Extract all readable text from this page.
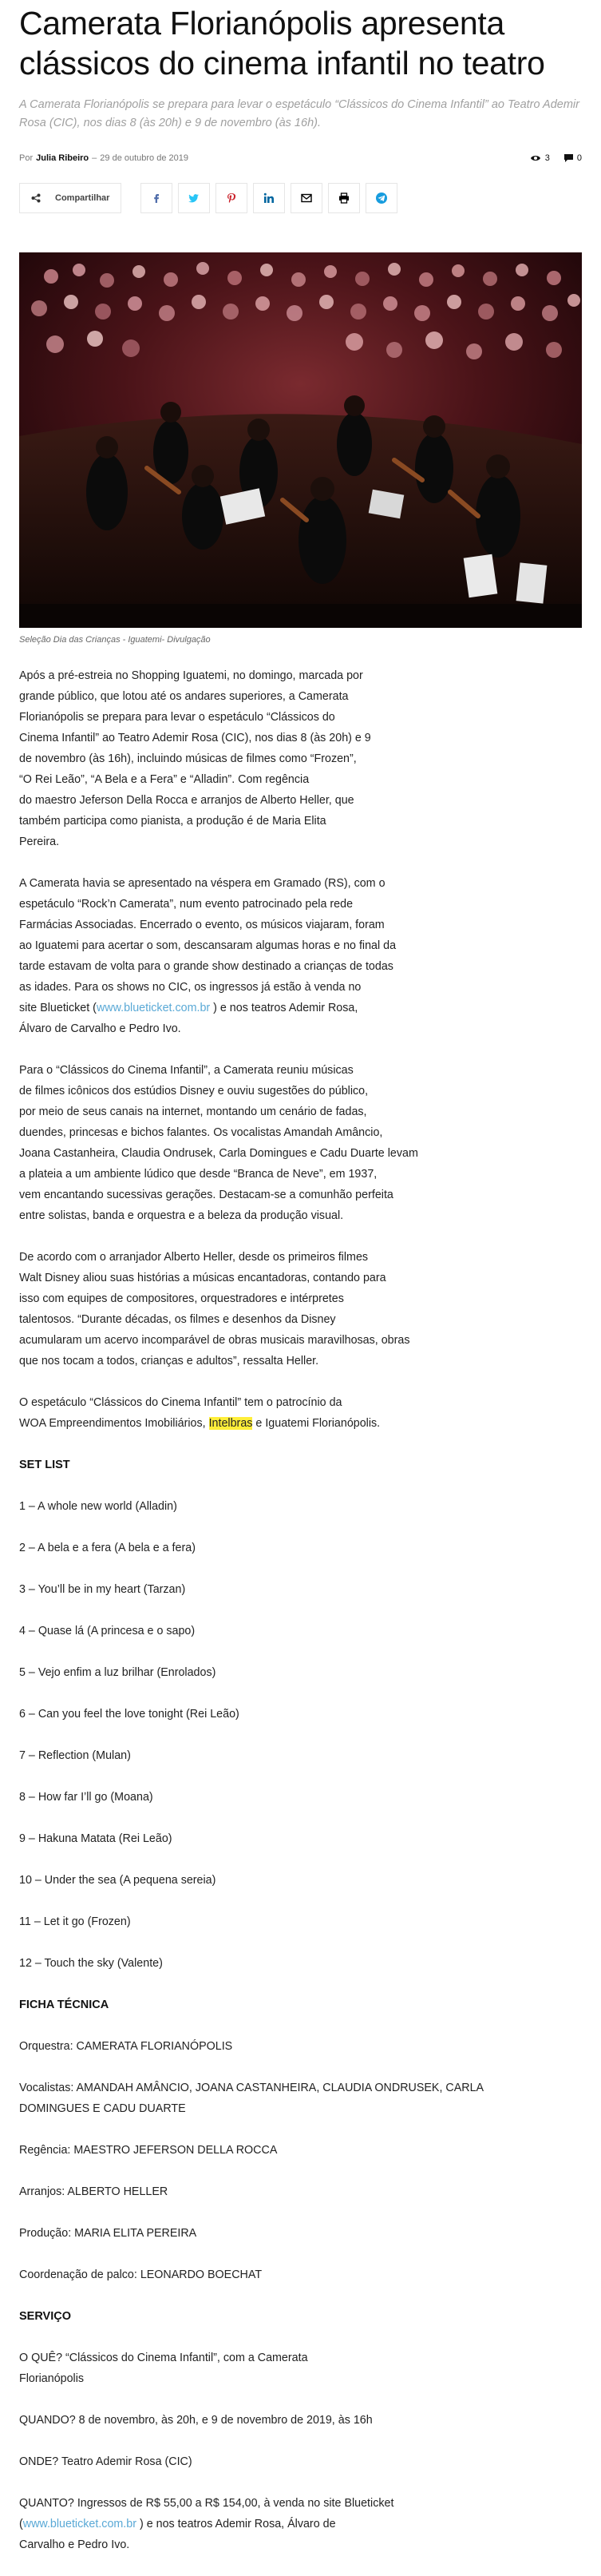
Camerata Florianópolis apresenta clássicos do cinema infantil no teatro

A Camerata Florianópolis se prepara para levar o espetáculo “Clássicos do Cinema Infantil” ao Teatro Ademir Rosa (CIC), nos dias 8 (às 20h) e 9 de novembro (às 16h).

Por Julia Ribeiro – 29 de outubro de 2019	3	0
Compartilhar

Seleção Dia das Crianças - Iguatemi- Divulgação

Após a pré-estreia no Shopping Iguatemi, no domingo, marcada por
grande público, que lotou até os andares superiores, a Camerata
Florianópolis se prepara para levar o espetáculo “Clássicos do
Cinema Infantil” ao Teatro Ademir Rosa (CIC), nos dias 8 (às 20h) e 9
de novembro (às 16h), incluindo músicas de filmes como “Frozen”,
“O Rei Leão”, “A Bela e a Fera” e “Alladin”. Com regência
do maestro Jeferson Della Rocca e arranjos de Alberto Heller, que
também participa como pianista, a produção é de Maria Elita
Pereira.

A Camerata havia se apresentado na véspera em Gramado (RS), com o
espetáculo “Rock’n Camerata”, num evento patrocinado pela rede
Farmácias Associadas. Encerrado o evento, os músicos viajaram, foram
ao Iguatemi para acertar o som, descansaram algumas horas e no final da
tarde estavam de volta para o grande show destinado a crianças de todas
as idades. Para os shows no CIC, os ingressos já estão à venda no
site Blueticket (www.blueticket.com.br ) e nos teatros Ademir Rosa,
Álvaro de Carvalho e Pedro Ivo.

Para o “Clássicos do Cinema Infantil”, a Camerata reuniu músicas
de filmes icônicos dos estúdios Disney e ouviu sugestões do público,
por meio de seus canais na internet, montando um cenário de fadas,
duendes, princesas e bichos falantes. Os vocalistas Amandah Amâncio,
Joana Castanheira, Claudia Ondrusek, Carla Domingues e Cadu Duarte levam
a plateia a um ambiente lúdico que desde “Branca de Neve”, em 1937,
vem encantando sucessivas gerações. Destacam-se a comunhão perfeita
entre solistas, banda e orquestra e a beleza da produção visual.

De acordo com o arranjador Alberto Heller, desde os primeiros filmes
Walt Disney aliou suas histórias a músicas encantadoras, contando para
isso com equipes de compositores, orquestradores e intérpretes
talentosos. “Durante décadas, os filmes e desenhos da Disney
acumularam um acervo incomparável de obras musicais maravilhosas, obras
que nos tocam a todos, crianças e adultos”, ressalta Heller.

O espetáculo “Clássicos do Cinema Infantil” tem o patrocínio da
WOA Empreendimentos Imobiliários, Intelbras e Iguatemi Florianópolis.

SET LIST
1 – A whole new world (Alladin)
2 – A bela e a fera (A bela e a fera)
3 – You’ll be in my heart (Tarzan)
4 – Quase lá (A princesa e o sapo)
5 – Vejo enfim a luz brilhar (Enrolados)
6 – Can you feel the love tonight (Rei Leão)
7 – Reflection (Mulan)
8 – How far I’ll go (Moana)
9 – Hakuna Matata (Rei Leão)
10 – Under the sea (A pequena sereia)
11 – Let it go (Frozen)
12 – Touch the sky (Valente)
FICHA TÉCNICA
Orquestra: CAMERATA FLORIANÓPOLIS
Vocalistas: AMANDAH AMÂNCIO, JOANA CASTANHEIRA, CLAUDIA ONDRUSEK, CARLA
DOMINGUES E CADU DUARTE
Regência: MAESTRO JEFERSON DELLA ROCCA
Arranjos: ALBERTO HELLER
Produção: MARIA ELITA PEREIRA
Coordenação de palco: LEONARDO BOECHAT
SERVIÇO
O QUÊ? “Clássicos do Cinema Infantil”, com a Camerata
Florianópolis
QUANDO? 8 de novembro, às 20h, e 9 de novembro de 2019, às 16h
ONDE? Teatro Ademir Rosa (CIC)
QUANTO? Ingressos de R$ 55,00 a R$ 154,00, à venda no site Blueticket
(www.blueticket.com.br ) e nos teatros Ademir Rosa, Álvaro de
Carvalho e Pedro Ivo.
